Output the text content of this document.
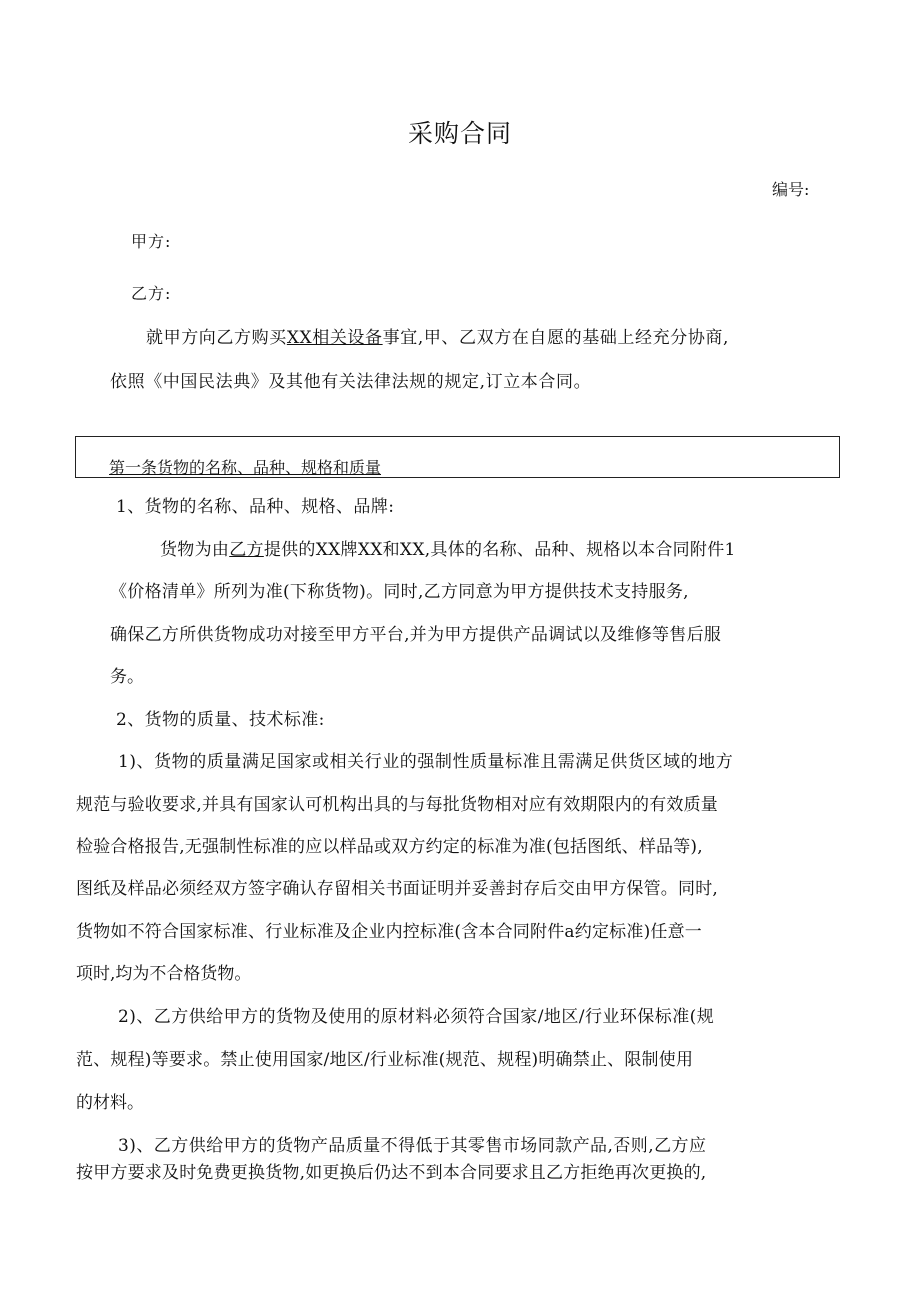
采购合同
编号:
甲方:
乙方:
就甲方向乙方购买XX相关设备事宜,甲、乙双方在自愿的基础上经充分协商,
依照《中国民法典》及其他有关法律法规的规定,订立本合同。
第一条货物的名称、品种、规格和质量
1、货物的名称、品种、规格、品牌:
货物为由乙方提供的XX牌XX和XX,具体的名称、品种、规格以本合同附件1
《价格清单》所列为准(下称货物)。同时,乙方同意为甲方提供技术支持服务,
确保乙方所供货物成功对接至甲方平台,并为甲方提供产品调试以及维修等售后服
务。
2、货物的质量、技术标准:
1)、货物的质量满足国家或相关行业的强制性质量标准且需满足供货区域的地方
规范与验收要求,并具有国家认可机构出具的与每批货物相对应有效期限内的有效质量
检验合格报告,无强制性标准的应以样品或双方约定的标准为准(包括图纸、样品等),
图纸及样品必须经双方签字确认存留相关书面证明并妥善封存后交由甲方保管。同时,
货物如不符合国家标准、行业标准及企业内控标准(含本合同附件a约定标准)任意一
项时,均为不合格货物。
2)、乙方供给甲方的货物及使用的原材料必须符合国家/地区/行业环保标准(规
范、规程)等要求。禁止使用国家/地区/行业标准(规范、规程)明确禁止、限制使用
的材料。
3)、乙方供给甲方的货物产品质量不得低于其零售市场同款产品,否则,乙方应
按甲方要求及时免费更换货物,如更换后仍达不到本合同要求且乙方拒绝再次更换的,
